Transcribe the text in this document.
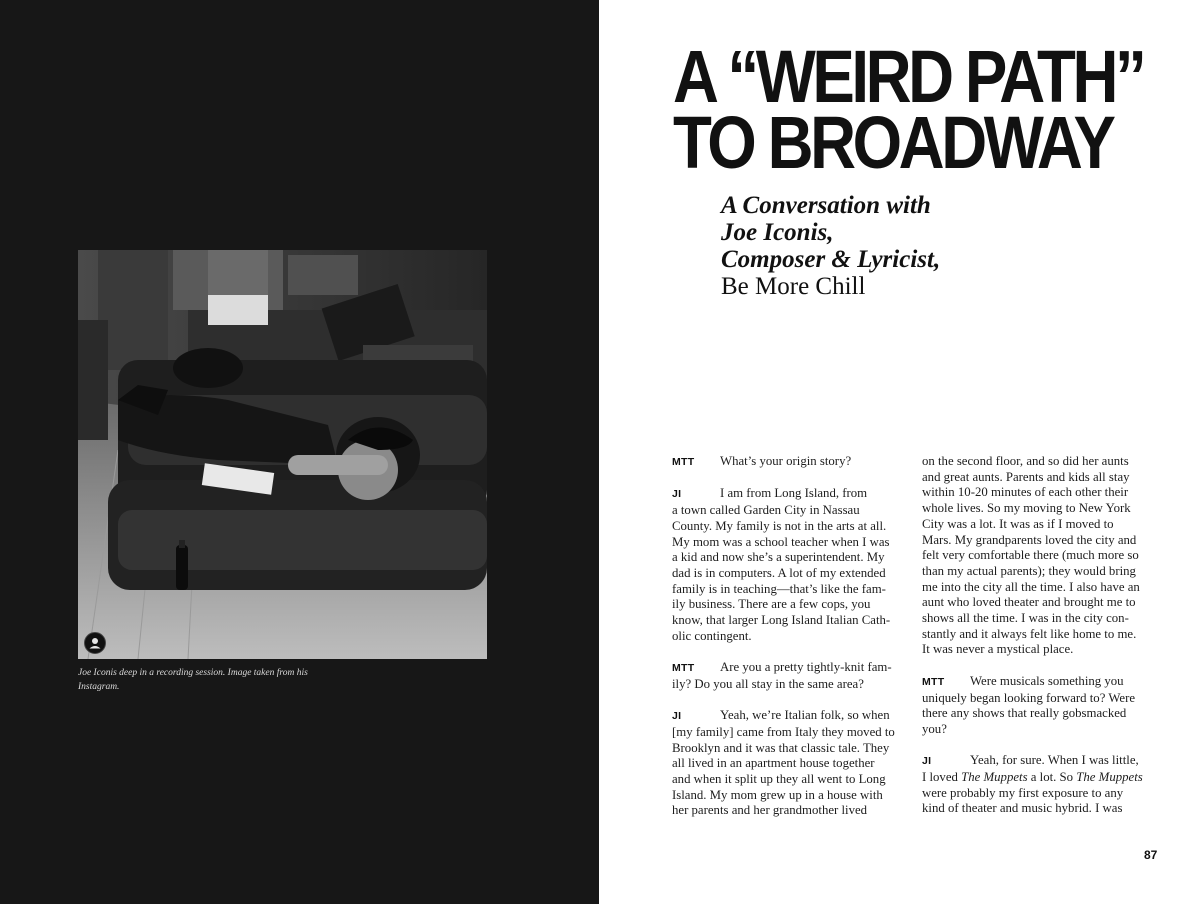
Joe Iconis deep in a recording session. Image taken from his
Instagram.
A “WEIRD PATH”
TO BROADWAY
A Conversation with
Joe Iconis,
Composer & Lyricist,
Be More Chill
MTT What’s your origin story?
JI	I am from Long Island, from
a town called Garden City in Nassau
County. My family is not in the arts at all.
My mom was a school teacher when I was
a kid and now she’s a superintendent. My
dad is in computers. A lot of my extended
family is in teaching—that’s like the fam-
ily business. There are a few cops, you
know, that larger Long Island Italian Cath-
olic contingent.
MTT Are you a pretty tightly-knit fam-
ily? Do you all stay in the same area?
JI	Yeah, we’re Italian folk, so when
[my family] came from Italy they moved to
Brooklyn and it was that classic tale. They
all lived in an apartment house together
and when it split up they all went to Long
Island. My mom grew up in a house with
her parents and her grandmother lived
on the second floor, and so did her aunts
and great aunts. Parents and kids all stay
within 10-20 minutes of each other their
whole lives. So my moving to New York
City was a lot. It was as if I moved to
Mars. My grandparents loved the city and
felt very comfortable there (much more so
than my actual parents); they would bring
me into the city all the time. I also have an
aunt who loved theater and brought me to
shows all the time. I was in the city con-
stantly and it always felt like home to me.
It was never a mystical place.
MTT Were musicals something you
uniquely began looking forward to? Were
there any shows that really gobsmacked
you?
JI	Yeah, for sure. When I was little,
I loved The Muppets a lot. So The Muppets
were probably my first exposure to any
kind of theater and music hybrid. I was
87
